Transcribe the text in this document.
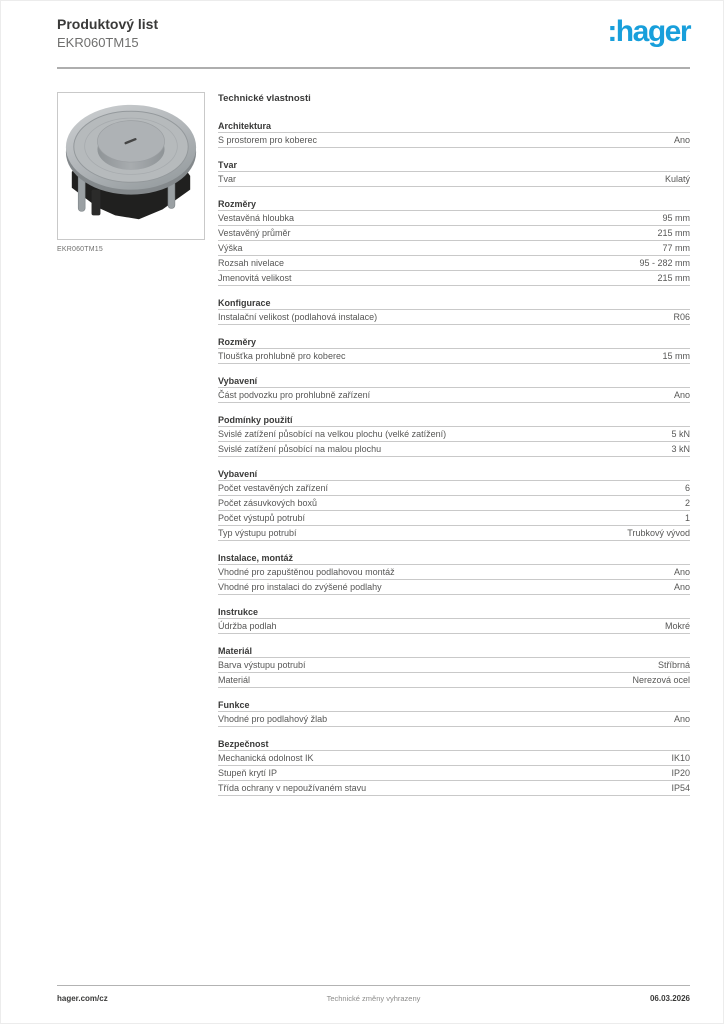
Produktový list
EKR060TM15	:hager
EKR060TM15
Technické vlastnosti
Architektura
S prostorem pro koberec	Ano
Tvar
Tvar	Kulatý
Rozměry
Vestavěná hloubka	95 mm
Vestavěný průměr	215 mm
Výška	77 mm
Rozsah nivelace	95 - 282 mm
Jmenovitá velikost	215 mm
Konfigurace
Instalační velikost (podlahová instalace)	R06
Rozměry
Tloušťka prohlubně pro koberec	15 mm
Vybavení
Část podvozku pro prohlubně zařízení	Ano
Podmínky použití
Svislé zatížení působící na velkou plochu (velké zatížení)	5 kN
Svislé zatížení působící na malou plochu	3 kN
Vybavení
Počet vestavěných zařízení	6
Počet zásuvkových boxů	2
Počet výstupů potrubí	1
Typ výstupu potrubí	Trubkový vývod
Instalace, montáž
Vhodné pro zapuštěnou podlahovou montáž	Ano
Vhodné pro instalaci do zvýšené podlahy	Ano
Instrukce
Údržba podlah	Mokré
Materiál
Barva výstupu potrubí	Stříbrná
Materiál	Nerezová ocel
Funkce
Vhodné pro podlahový žlab	Ano
Bezpečnost
Mechanická odolnost IK	IK10
Stupeň krytí IP	IP20
Třída ochrany v nepoužívaném stavu	IP54
hager.com/cz	Technické změny vyhrazeny	06.03.2026
